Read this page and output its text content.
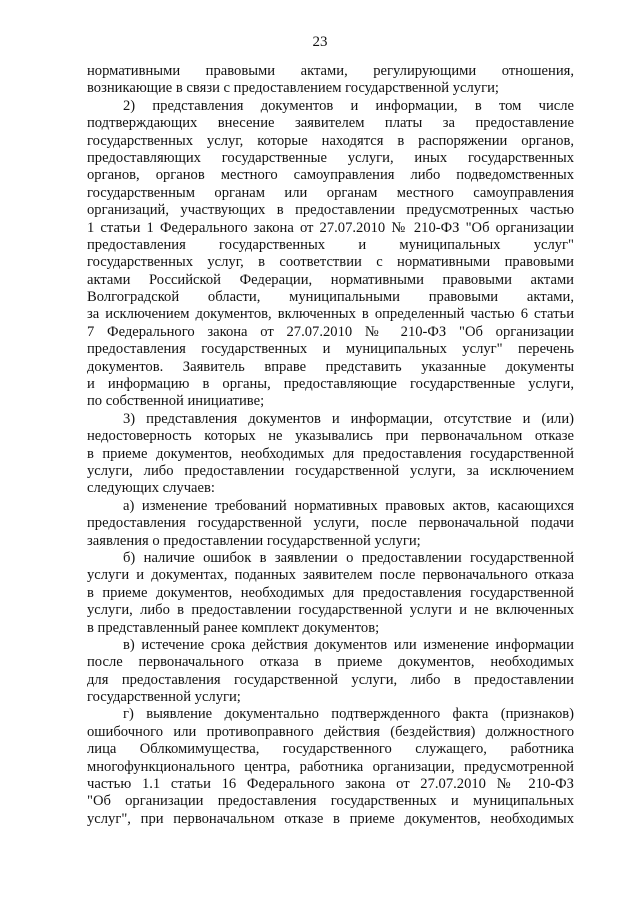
23
нормативными правовыми актами, регулирующими отношения,
возникающие в связи с предоставлением государственной услуги;
2) представления документов и информации, в том числе
подтверждающих внесение заявителем платы за предоставление
государственных услуг, которые находятся в распоряжении органов,
предоставляющих государственные услуги, иных государственных
органов, органов местного самоуправления либо подведомственных
государственным органам или органам местного самоуправления
организаций, участвующих в предоставлении предусмотренных частью
1 статьи 1 Федерального закона от 27.07.2010 № 210-ФЗ "Об организации
предоставления государственных и муниципальных услуг"
государственных услуг, в соответствии с нормативными правовыми
актами Российской Федерации, нормативными правовыми актами
Волгоградской области, муниципальными правовыми актами,
за исключением документов, включенных в определенный частью 6 статьи
7 Федерального закона от 27.07.2010 № 210-ФЗ "Об организации
предоставления государственных и муниципальных услуг" перечень
документов. Заявитель вправе представить указанные документы
и информацию в органы, предоставляющие государственные услуги,
по собственной инициативе;
3) представления документов и информации, отсутствие и (или)
недостоверность которых не указывались при первоначальном отказе
в приеме документов, необходимых для предоставления государственной
услуги, либо предоставлении государственной услуги, за исключением
следующих случаев:
а) изменение требований нормативных правовых актов, касающихся
предоставления государственной услуги, после первоначальной подачи
заявления о предоставлении государственной услуги;
б) наличие ошибок в заявлении о предоставлении государственной
услуги и документах, поданных заявителем после первоначального отказа
в приеме документов, необходимых для предоставления государственной
услуги, либо в предоставлении государственной услуги и не включенных
в представленный ранее комплект документов;
в) истечение срока действия документов или изменение информации
после первоначального отказа в приеме документов, необходимых
для предоставления государственной услуги, либо в предоставлении
государственной услуги;
г) выявление документально подтвержденного факта (признаков)
ошибочного или противоправного действия (бездействия) должностного
лица Облкомимущества, государственного служащего, работника
многофункционального центра, работника организации, предусмотренной
частью 1.1 статьи 16 Федерального закона от 27.07.2010 № 210-ФЗ
"Об организации предоставления государственных и муниципальных
услуг", при первоначальном отказе в приеме документов, необходимых
